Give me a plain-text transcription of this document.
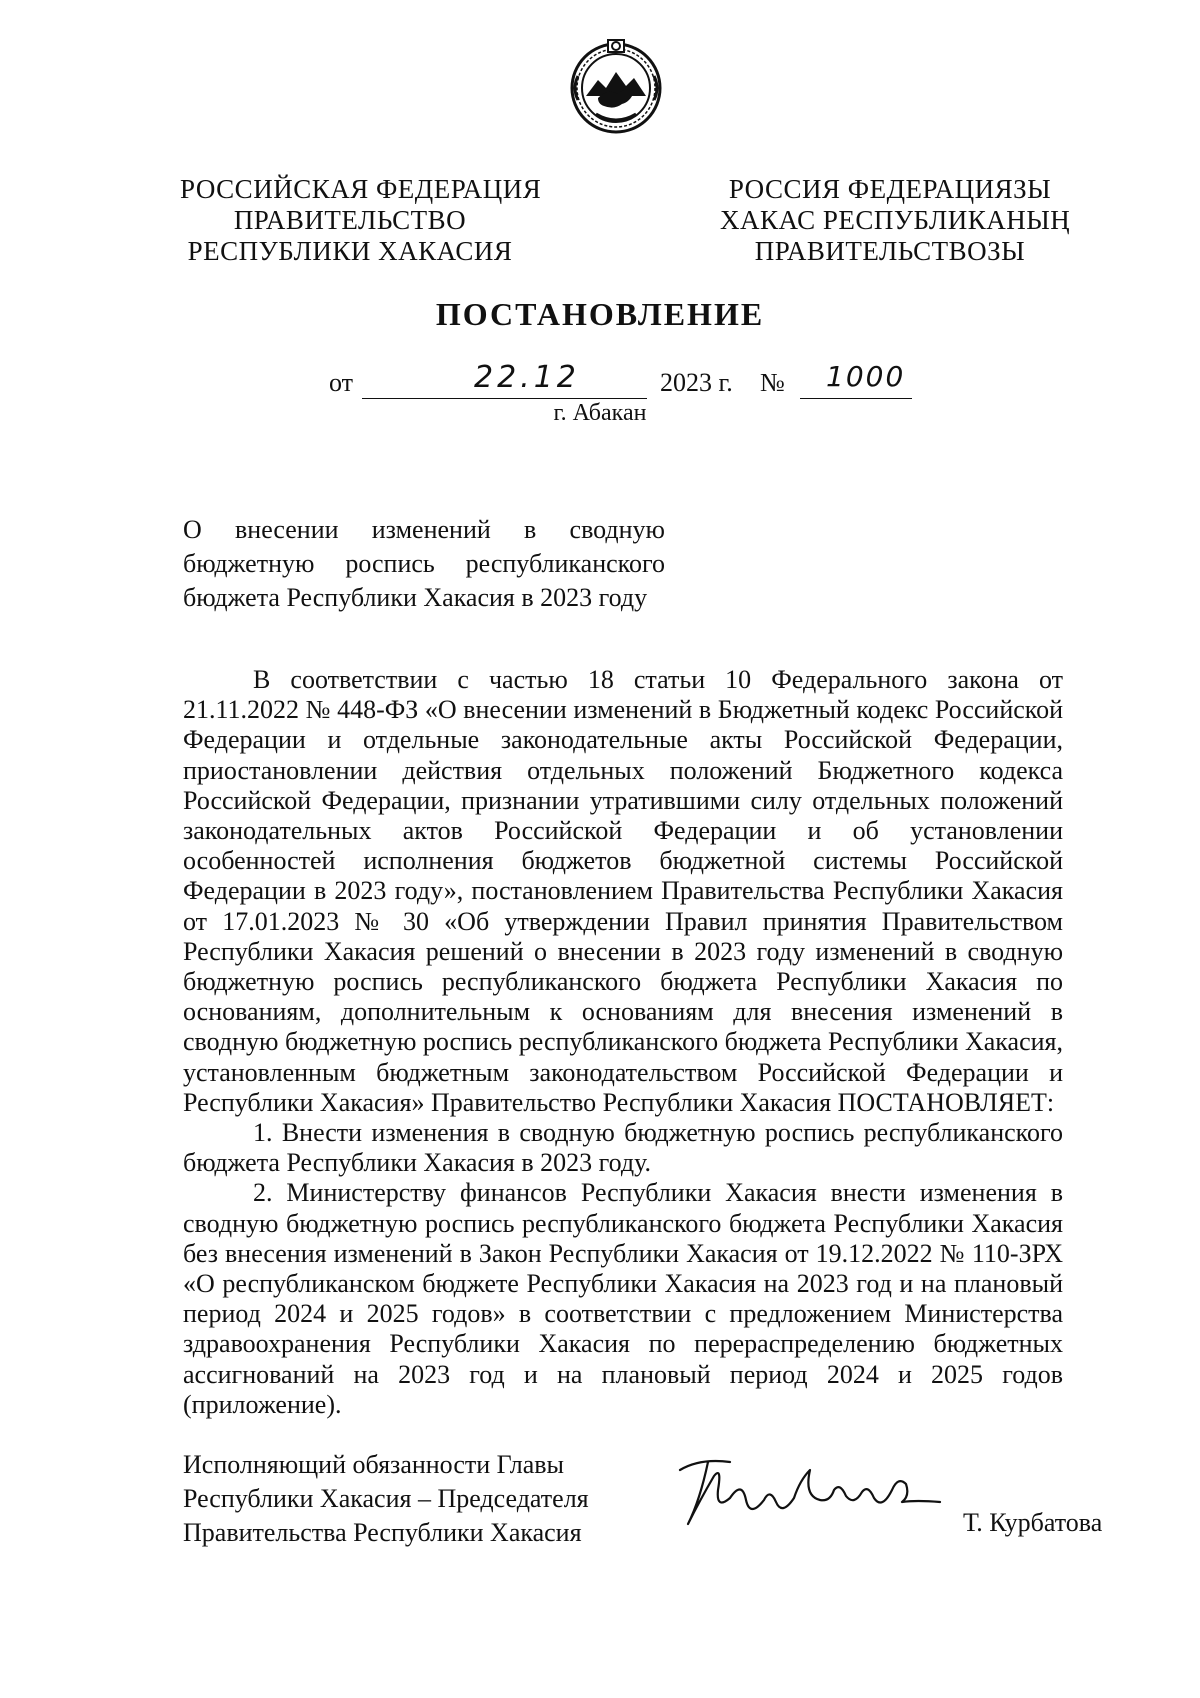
РОССИЙСКАЯ ФЕДЕРАЦИЯ
ПРАВИТЕЛЬСТВО
РЕСПУБЛИКИ ХАКАСИЯ
РОССИЯ ФЕДЕРАЦИЯЗЫ
ХАКАС РЕСПУБЛИКАНЫҢ
ПРАВИТЕЛЬСТВОЗЫ
ПОСТАНОВЛЕНИЕ
от	22.12	2023 г. № 1000
г. Абакан
О внесении изменений в сводную
бюджетную роспись республиканского
бюджета Республики Хакасия в 2023 году

В соответствии с частью 18 статьи 10 Федерального закона от 21.11.2022 № 448-ФЗ «О внесении изменений в Бюджетный кодекс Российской Федерации и отдельные законодательные акты Российской Федерации, приостановлении действия отдельных положений Бюджетного кодекса Российской Федерации, признании утратившими силу отдельных положений законодательных актов Российской Федерации и об установлении особенностей исполнения бюджетов бюджетной системы Российской Федерации в 2023 году», постановлением Правительства Республики Хакасия от 17.01.2023 № 30 «Об утверждении Правил принятия Правительством Республики Хакасия решений о внесении в 2023 году изменений в сводную бюджетную роспись республиканского бюджета Республики Хакасия по основаниям, дополнительным к основаниям для внесения изменений в сводную бюджетную роспись республиканского бюджета Республики Хакасия, установленным бюджетным законодательством Российской Федерации и Республики Хакасия» Правительство Республики Хакасия ПОСТАНОВЛЯЕТ:

1. Внести изменения в сводную бюджетную роспись республиканского бюджета Республики Хакасия в 2023 году.

2. Министерству финансов Республики Хакасия внести изменения в сводную бюджетную роспись республиканского бюджета Республики Хакасия без внесения изменений в Закон Республики Хакасия от 19.12.2022 № 110-ЗРХ «О республиканском бюджете Республики Хакасия на 2023 год и на плановый период 2024 и 2025 годов» в соответствии с предложением Министерства здравоохранения Республики Хакасия по перераспределению бюджетных ассигнований на 2023 год и на плановый период 2024 и 2025 годов (приложение).

Исполняющий обязанности Главы
Республики Хакасия – Председателя
Правительства Республики Хакасия	Т. Курбатова
